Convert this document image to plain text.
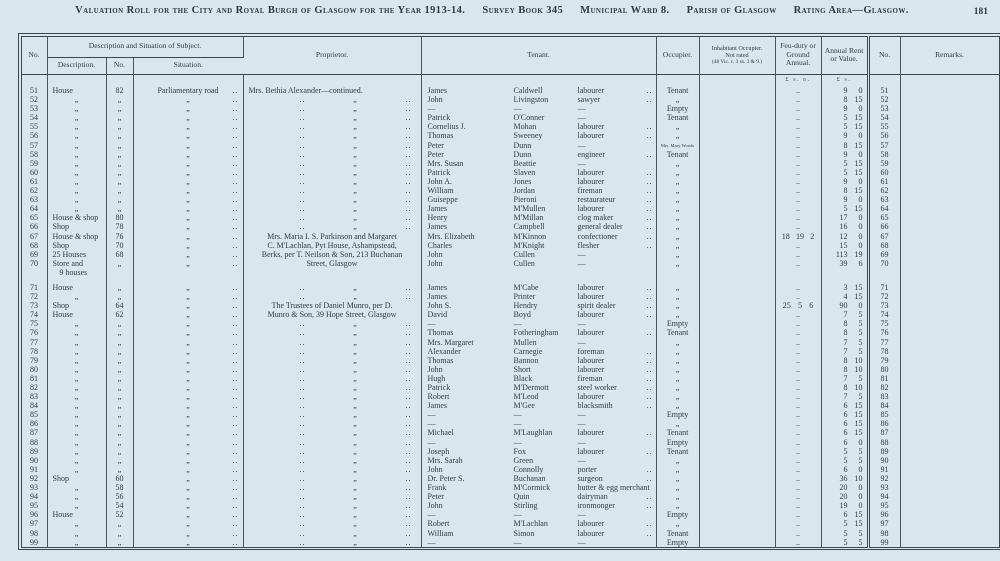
Valuation Roll for the City and Royal Burgh of Glasgow for the Year 1913-14. Survey Book 345 Municipal Ward 8. Parish of Glasgow Rating Area—Glasgow.	181
No.	Description and Situation of Subject.			Proprietor.	Tenant.	Occupier.	Inhabitant Occupier.
Not rated
(48 Vic. c. 3 ss. 3 & 9.)	Feu-duty or Ground Annual.	Annual Rent or Value.	No.	Remarks.
	Description.	No.	Situation.								

£ s. d.	£ s.		

51	House	82	Parliamentary road ..	Mrs. Bethia Alexander—continued.	James Caldwell labourer ..	Tenant		..	9 0	51	

52	„	„	„ ..	.. „ ..	John Livingston sawyer ..	„		..	8 15	52	

53	„	„	„ ..	.. „ ..	— — —	Empty		..	9 0	53	

54	„	„	„ ..	.. „ ..	Patrick O'Conner —	Tenant		..	5 15	54	

55	„	„	„ ..	.. „ ..	Cornelius J. Mohan labourer ..	„		..	5 15	55	

56	„	„	„ ..	.. „ ..	Thomas Sweeney labourer ..	„		..	9 0	56	

57	„	„	„ ..	.. „ ..	Peter Dunn —	Mrs. Mary Woods		..	8 15	57	

58	„	„	„ ..	.. „ ..	Peter Dunn engineer ..	Tenant		..	9 0	58	

59	„	„	„ ..	.. „ ..	Mrs. Susan Beattie —	„		..	5 15	59	

60	„	„	„ ..	.. „ ..	Patrick Slaven labourer ..	„		..	5 15	60	

61	„	„	„ ..	.. „ ..	John A. Jones labourer ..	„		..	9 0	61	

62	„	„	„ ..	.. „ ..	William Jordan fireman ..	„		..	8 15	62	

63	„	„	„ ..	.. „ ..	Guiseppe Pieroni restaurateur ..	„		..	9 0	63	

64	„	„	„ ..	.. „ ..	James M'Mullen labourer ..	„		..	5 15	64	

65	House & shop	80	„ ..	.. „ ..	Henry M'Millan clog maker ..	„		..	17 0	65	

66	Shop	78	„ ..	.. „ ..	James Campbell general dealer ..	„		..	16 0	66	

67	House & shop	76	„ ..	Mrs. Maria I. S. Parkinson and Margaret	Mrs. Elizabeth M'Kinnon confectioner ..	„		18 19 2	12 0	67	

68	Shop	70	„ ..	C. M'Lachlan, Pyt House, Ashampstead,	Charles M'Knight flesher ..	„		..	15 0	68	

69	25 Houses	68	„ ..	Berks, per T. Neilson & Son, 213 Buchanan	John Cullen —	„		..	113 19	69	

70	Store and
9 houses	„	„ ..	Street, Glasgow	John Cullen —	„		..	39 6	70	

71	House	„	„ ..	.. „ ..	James M'Cabe labourer ..	„		..	3 15	71	

72	„	„	„ ..	.. „ ..	James Printer labourer ..	„		..	4 15	72	

73	Shop	64	„ ..	The Trustees of Daniel Munro, per D.	John S. Hendry spirit dealer ..	„		25 5 6	90 0	73	

74	House	62	„ ..	Munro & Son, 39 Hope Street, Glasgow	David Boyd labourer ..	„		..	7 5	74	

75	„	„	„ ..	.. „ ..	— — —	Empty		..	8 5	75	

76	„	„	„ ..	.. „ ..	Thomas Fotheringham labourer ..	Tenant		..	8 5	76	

77	„	„	„ ..	.. „ ..	Mrs. Margaret Mullen —	„		..	7 5	77	

78	„	„	„ ..	.. „ ..	Alexander Carnegie foreman ..	„		..	7 5	78	

79	„	„	„ ..	.. „ ..	Thomas Bannon labourer ..	„		..	8 10	79	

80	„	„	„ ..	.. „ ..	John Short labourer ..	„		..	8 10	80	

81	„	„	„ ..	.. „ ..	Hugh Black fireman ..	„		..	7 5	81	

82	„	„	„ ..	.. „ ..	Patrick M'Dermott steel worker ..	„		..	8 10	82	

83	„	„	„ ..	.. „ ..	Robert M'Leod labourer ..	„		..	7 5	83	

84	„	„	„ ..	.. „ ..	James M'Gee blacksmith ..	„		..	6 15	84	

85	„	„	„ ..	.. „ ..	— — —	Empty		..	6 15	85	

86	„	„	„ ..	.. „ ..	— — —	„		..	6 15	86	

87	„	„	„ ..	.. „ ..	Michael M'Laughlan labourer ..	Tenant		..	6 15	87	

88	„	„	„ ..	.. „ ..	— — —	Empty		..	6 0	88	

89	„	„	„ ..	.. „ ..	Joseph Fox labourer ..	Tenant		..	5 5	89	

90	„	„	„ ..	.. „ ..	Mrs. Sarah Green —	„		..	5 5	90	

91	„	„	„ ..	.. „ ..	John Connolly porter ..	„		..	6 0	91	

92	Shop	60	„ ..	.. „ ..	Dr. Peter S. Buchanan surgeon ..	„		..	36 10	92	

93	„	58	„ ..	.. „ ..	Frank M'Cormick butter & egg merchant	„		..	20 0	93	

94	„	56	„ ..	.. „ ..	Peter Quin dairyman ..	„		..	20 0	94	

95	„	54	„ ..	.. „ ..	John Stirling ironmonger ..	„		..	19 0	95	

96	House	52	„ ..	.. „ ..	— — —	Empty		..	6 15	96	

97	„	„	„ ..	.. „ ..	Robert M'Lachlan labourer ..	„		..	5 15	97	

98	„	„	„ ..	.. „ ..	William Simon labourer ..	Tenant		..	5 5	98	

99	„	„	„ ..	.. „ ..	— — —	Empty		..	5 5	99	
